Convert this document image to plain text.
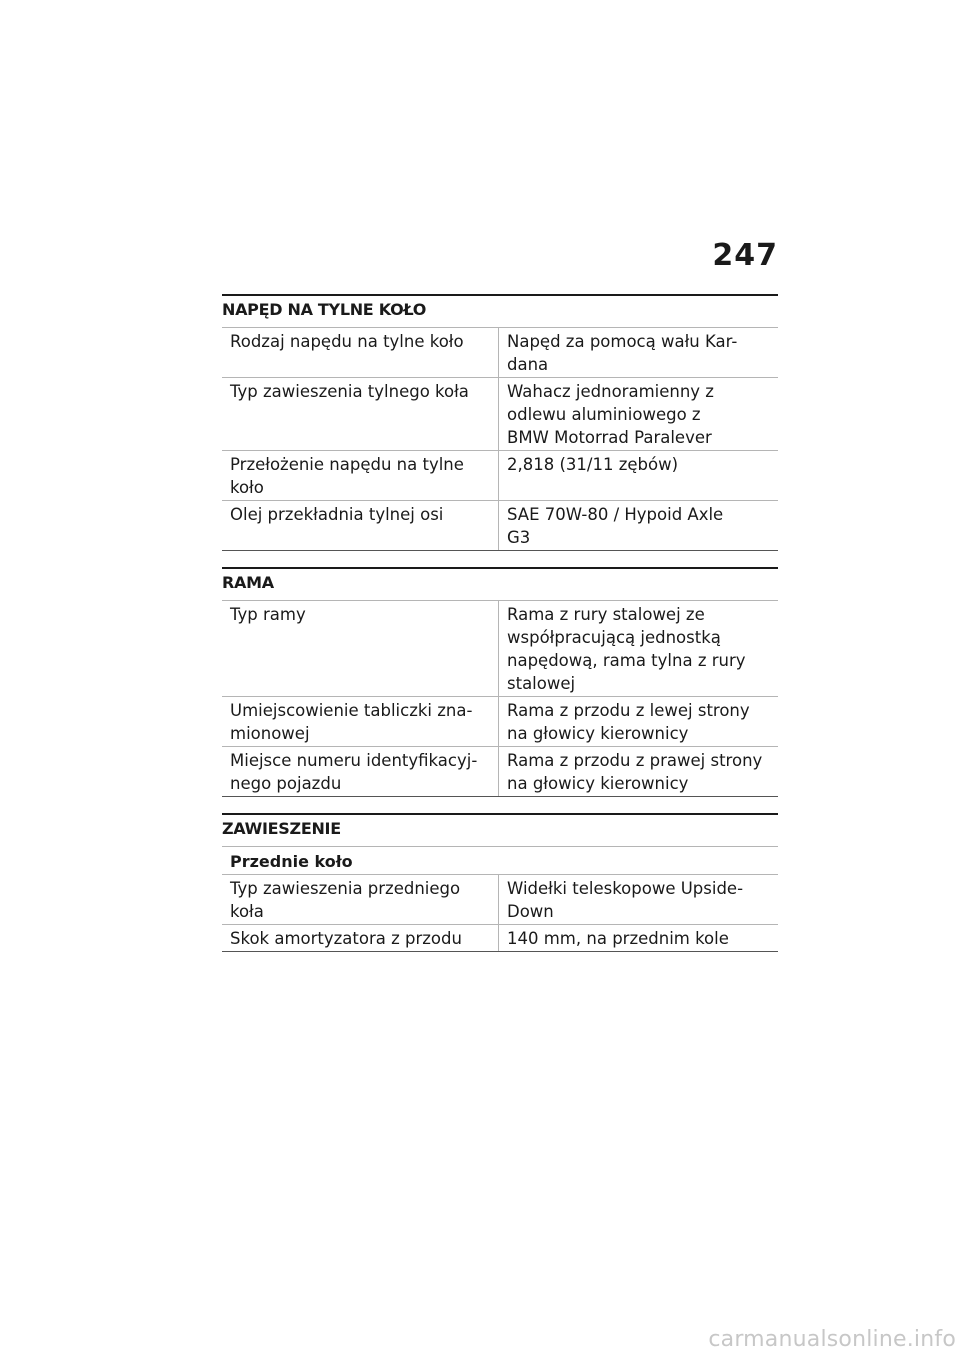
247
NAPĘD NA TYLNE KOŁO
Rodzaj napędu na tylne koło	Napęd za pomocą wału Kar-
dana
Typ zawieszenia tylnego koła	Wahacz jednoramienny z
odlewu aluminiowego z
BMW Motorrad Paralever
Przełożenie napędu na tylne
koło	2,818 (31/11 zębów)
Olej przekładnia tylnej osi	SAE 70W-80 / Hypoid Axle
G3
RAMA
Typ ramy	Rama z rury stalowej ze
współpracującą jednostką
napędową, rama tylna z rury
stalowej
Umiejscowienie tabliczki zna-
mionowej	Rama z przodu z lewej strony
na głowicy kierownicy
Miejsce numeru identyfikacyj-
nego pojazdu	Rama z przodu z prawej strony
na głowicy kierownicy
ZAWIESZENIE
Przednie koło	
Typ zawieszenia przedniego
koła	Widełki teleskopowe Upside-
Down
Skok amortyzatora z przodu	140 mm, na przednim kole
carmanualsonline.info
